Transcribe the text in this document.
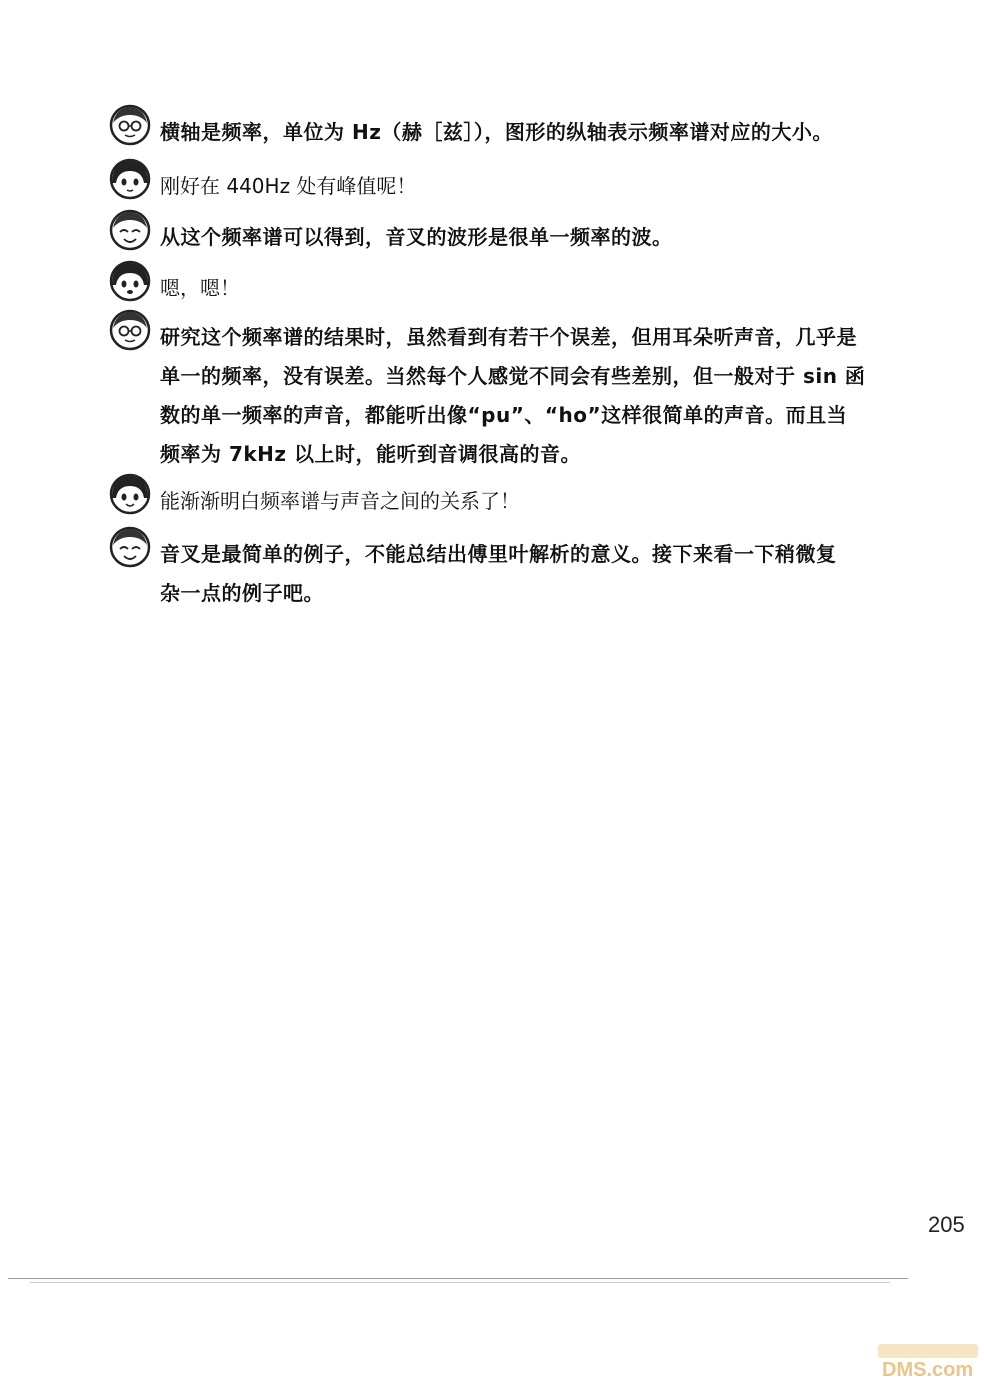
横轴是频率，单位为 Hz（赫［兹］），图形的纵轴表示频率谱对应的大小。
刚好在 440Hz 处有峰值呢！
从这个频率谱可以得到，音叉的波形是很单一频率的波。
嗯，嗯！
研究这个频率谱的结果时，虽然看到有若干个误差，但用耳朵听声音，几乎是
单一的频率，没有误差。当然每个人感觉不同会有些差别，但一般对于 sin 函
数的单一频率的声音，都能听出像“pu”、“ho”这样很简单的声音。而且当
频率为 7kHz 以上时，能听到音调很高的音。
能渐渐明白频率谱与声音之间的关系了！
音叉是最简单的例子，不能总结出傅里叶解析的意义。接下来看一下稍微复
杂一点的例子吧。
205
DMS.com
